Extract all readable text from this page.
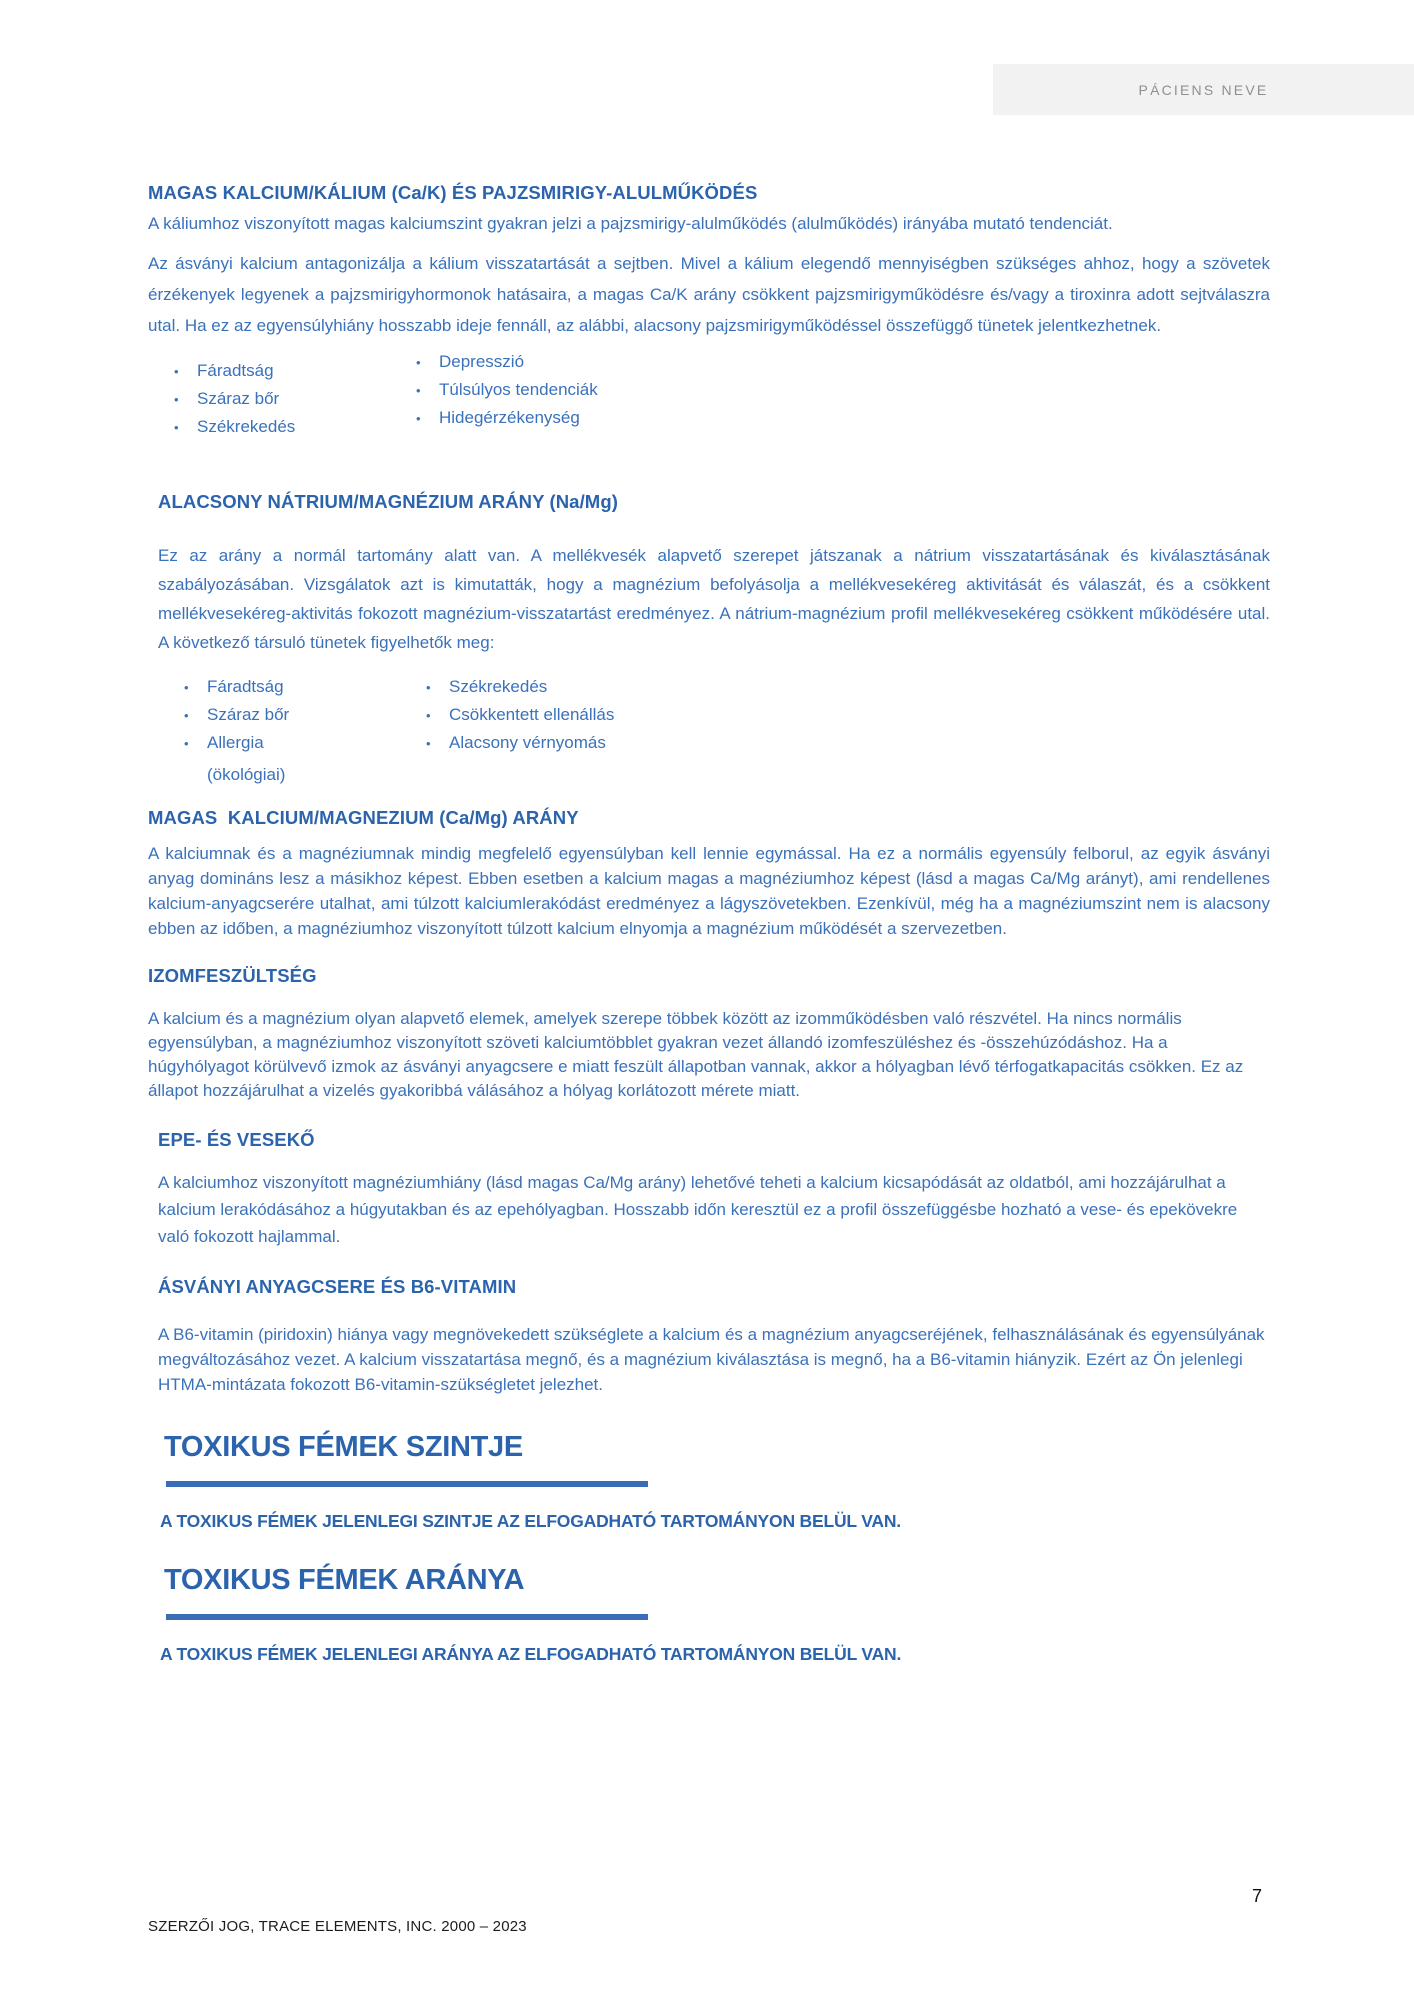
PÁCIENS NEVE
MAGAS KALCIUM/KÁLIUM (Ca/K) ÉS PAJZSMIRIGY-ALULMŰKÖDÉS

A káliumhoz viszonyított magas kalciumszint gyakran jelzi a pajzsmirigy-alulműködés (alulműködés) irányába mutató tendenciát.

Az ásványi kalcium antagonizálja a kálium visszatartását a sejtben. Mivel a kálium elegendő mennyiségben szükséges ahhoz, hogy a szövetek érzékenyek legyenek a pajzsmirigyhormonok hatásaira, a magas Ca/K arány csökkent pajzsmirigyműködésre és/vagy a tiroxinra adott sejtválaszra utal. Ha ez az egyensúlyhiány hosszabb ideje fennáll, az alábbi, alacsony pajzsmirigyműködéssel összefüggő tünetek jelentkezhetnek.

• Fáradtság
• Száraz bőr
• Székrekedés
• Depresszió
• Túlsúlyos tendenciák
• Hidegérzékenység
ALACSONY NÁTRIUM/MAGNÉZIUM ARÁNY (Na/Mg)

Ez az arány a normál tartomány alatt van. A mellékvesék alapvető szerepet játszanak a nátrium visszatartásának és kiválasztásának szabályozásában. Vizsgálatok azt is kimutatták, hogy a magnézium befolyásolja a mellékvesekéreg aktivitását és válaszát, és a csökkent mellékvesekéreg-aktivitás fokozott magnézium-visszatartást eredményez. A nátrium-magnézium profil mellékvesekéreg csökkent működésére utal. A következő társuló tünetek figyelhetők meg:

• Fáradtság
• Száraz bőr
• Allergia
(ökológiai)
• Székrekedés
• Csökkentett ellenállás
• Alacsony vérnyomás
MAGAS  KALCIUM/MAGNEZIUM (Ca/Mg) ARÁNY

A kalciumnak és a magnéziumnak mindig megfelelő egyensúlyban kell lennie egymással. Ha ez a normális egyensúly felborul, az egyik ásványi anyag domináns lesz a másikhoz képest. Ebben esetben a kalcium magas a magnéziumhoz képest (lásd a magas Ca/Mg arányt), ami rendellenes kalcium-anyagcserére utalhat, ami túlzott kalciumlerakódást eredményez a lágyszövetekben. Ezenkívül, még ha a magnéziumszint nem is alacsony ebben az időben, a magnéziumhoz viszonyított túlzott kalcium elnyomja a magnézium működését a szervezetben.

IZOMFESZÜLTSÉG

A kalcium és a magnézium olyan alapvető elemek, amelyek szerepe többek között az izomműködésben való részvétel. Ha nincs normális egyensúlyban, a magnéziumhoz viszonyított szöveti kalciumtöbblet gyakran vezet állandó izomfeszüléshez és -összehúzódáshoz. Ha a húgyhólyagot körülvevő izmok az ásványi anyagcsere e miatt feszült állapotban vannak, akkor a hólyagban lévő térfogatkapacitás csökken. Ez az állapot hozzájárulhat a vizelés gyakoribbá válásához a hólyag korlátozott mérete miatt.

EPE- ÉS VESEKŐ

A kalciumhoz viszonyított magnéziumhiány (lásd magas Ca/Mg arány) lehetővé teheti a kalcium kicsapódását az oldatból, ami hozzájárulhat a kalcium lerakódásához a húgyutakban és az epehólyagban. Hosszabb időn keresztül ez a profil összefüggésbe hozható a vese- és epekövekre való fokozott hajlammal.

ÁSVÁNYI ANYAGCSERE ÉS B6-VITAMIN

A B6-vitamin (piridoxin) hiánya vagy megnövekedett szükséglete a kalcium és a magnézium anyagcseréjének, felhasználásának és egyensúlyának megváltozásához vezet. A kalcium visszatartása megnő, és a magnézium kiválasztása is megnő, ha a B6-vitamin hiányzik. Ezért az Ön jelenlegi HTMA-mintázata fokozott B6-vitamin-szükségletet jelezhet.

TOXIKUS FÉMEK SZINTJE

A TOXIKUS FÉMEK JELENLEGI SZINTJE AZ ELFOGADHATÓ TARTOMÁNYON BELÜL VAN.

TOXIKUS FÉMEK ARÁNYA

A TOXIKUS FÉMEK JELENLEGI ARÁNYA AZ ELFOGADHATÓ TARTOMÁNYON BELÜL VAN.

SZERZŐI JOG, TRACE ELEMENTS, INC. 2000 – 2023
7
